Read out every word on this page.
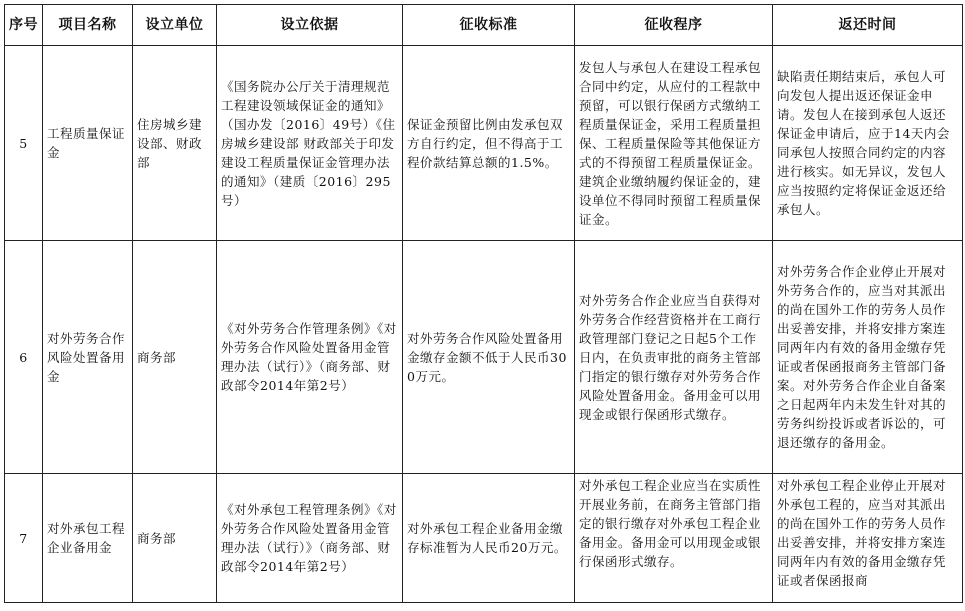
序号	项目名称	设立单位	设立依据	征收标准	征收程序	返还时间
5	工程质量保证金	住房城乡建设部、财政部	《国务院办公厅关于清理规范工程建设领域保证金的通知》（国办发〔2016〕49号）《住房城乡建设部 财政部关于印发建设工程质量保证金管理办法的通知》（建质〔2016〕295号）	保证金预留比例由发承包双方自行约定，但不得高于工程价款结算总额的1.5%。	发包人与承包人在建设工程承包合同中约定，从应付的工程款中预留，可以银行保函方式缴纳工程质量保证金，采用工程质量担保、工程质量保险等其他保证方式的不得预留工程质量保证金。建筑企业缴纳履约保证金的，建设单位不得同时预留工程质量保证金。	缺陷责任期结束后，承包人可向发包人提出返还保证金申请。发包人在接到承包人返还保证金申请后，应于14天内会同承包人按照合同约定的内容进行核实。如无异议，发包人应当按照约定将保证金返还给承包人。
6	对外劳务合作风险处置备用金	商务部	《对外劳务合作管理条例》《对外劳务合作风险处置备用金管理办法（试行）》（商务部、财政部令2014年第2号）	对外劳务合作风险处置备用金缴存金额不低于人民币300万元。	对外劳务合作企业应当自获得对外劳务合作经营资格并在工商行政管理部门登记之日起5个工作日内，在负责审批的商务主管部门指定的银行缴存对外劳务合作风险处置备用金。备用金可以用现金或银行保函形式缴存。	对外劳务合作企业停止开展对外劳务合作的，应当对其派出的尚在国外工作的劳务人员作出妥善安排，并将安排方案连同两年内有效的备用金缴存凭证或者保函报商务主管部门备案。对外劳务合作企业自备案之日起两年内未发生针对其的劳务纠纷投诉或者诉讼的，可退还缴存的备用金。
7	对外承包工程企业备用金	商务部	《对外承包工程管理条例》《对外劳务合作风险处置备用金管理办法（试行）》（商务部、财政部令2014年第2号）	对外承包工程企业备用金缴存标准暂为人民币20万元。	对外承包工程企业应当在实质性开展业务前，在商务主管部门指定的银行缴存对外承包工程企业备用金。备用金可以用现金或银行保函形式缴存。	对外承包工程企业停止开展对外承包工程的，应当对其派出的尚在国外工作的劳务人员作出妥善安排，并将安排方案连同两年内有效的备用金缴存凭证或者保函报商
